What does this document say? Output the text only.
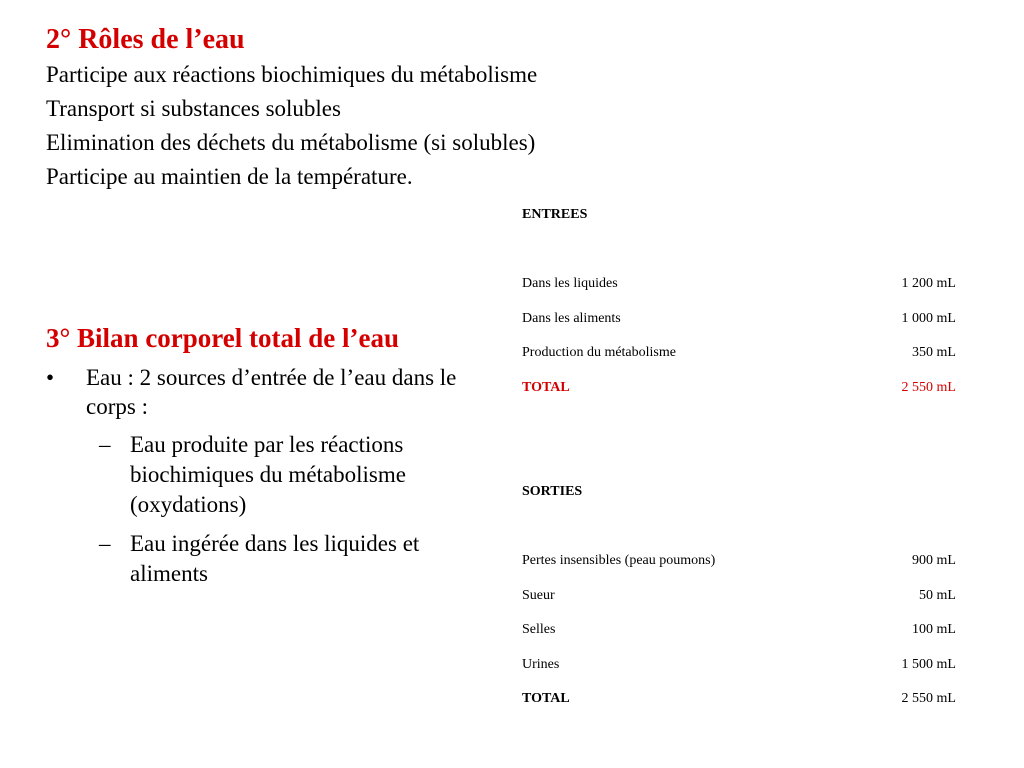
2° Rôles de l’eau

Participe aux réactions biochimiques du métabolisme

Transport si substances solubles

Elimination des déchets du métabolisme (si solubles)

Participe au maintien de la température.

3° Bilan corporel total de l’eau

• Eau : 2 sources d’entrée de l’eau dans le corps :
– Eau produite par les réactions biochimiques du métabolisme (oxydations)
– Eau ingérée dans les liquides et aliments
ENTREES
Dans les liquides	1 200 mL
Dans les aliments	1 000 mL
Production du métabolisme	350 mL
TOTAL	2 550 mL
SORTIES
Pertes insensibles (peau poumons)	900 mL
Sueur	50 mL
Selles	100 mL
Urines	1 500 mL
TOTAL	2 550 mL
